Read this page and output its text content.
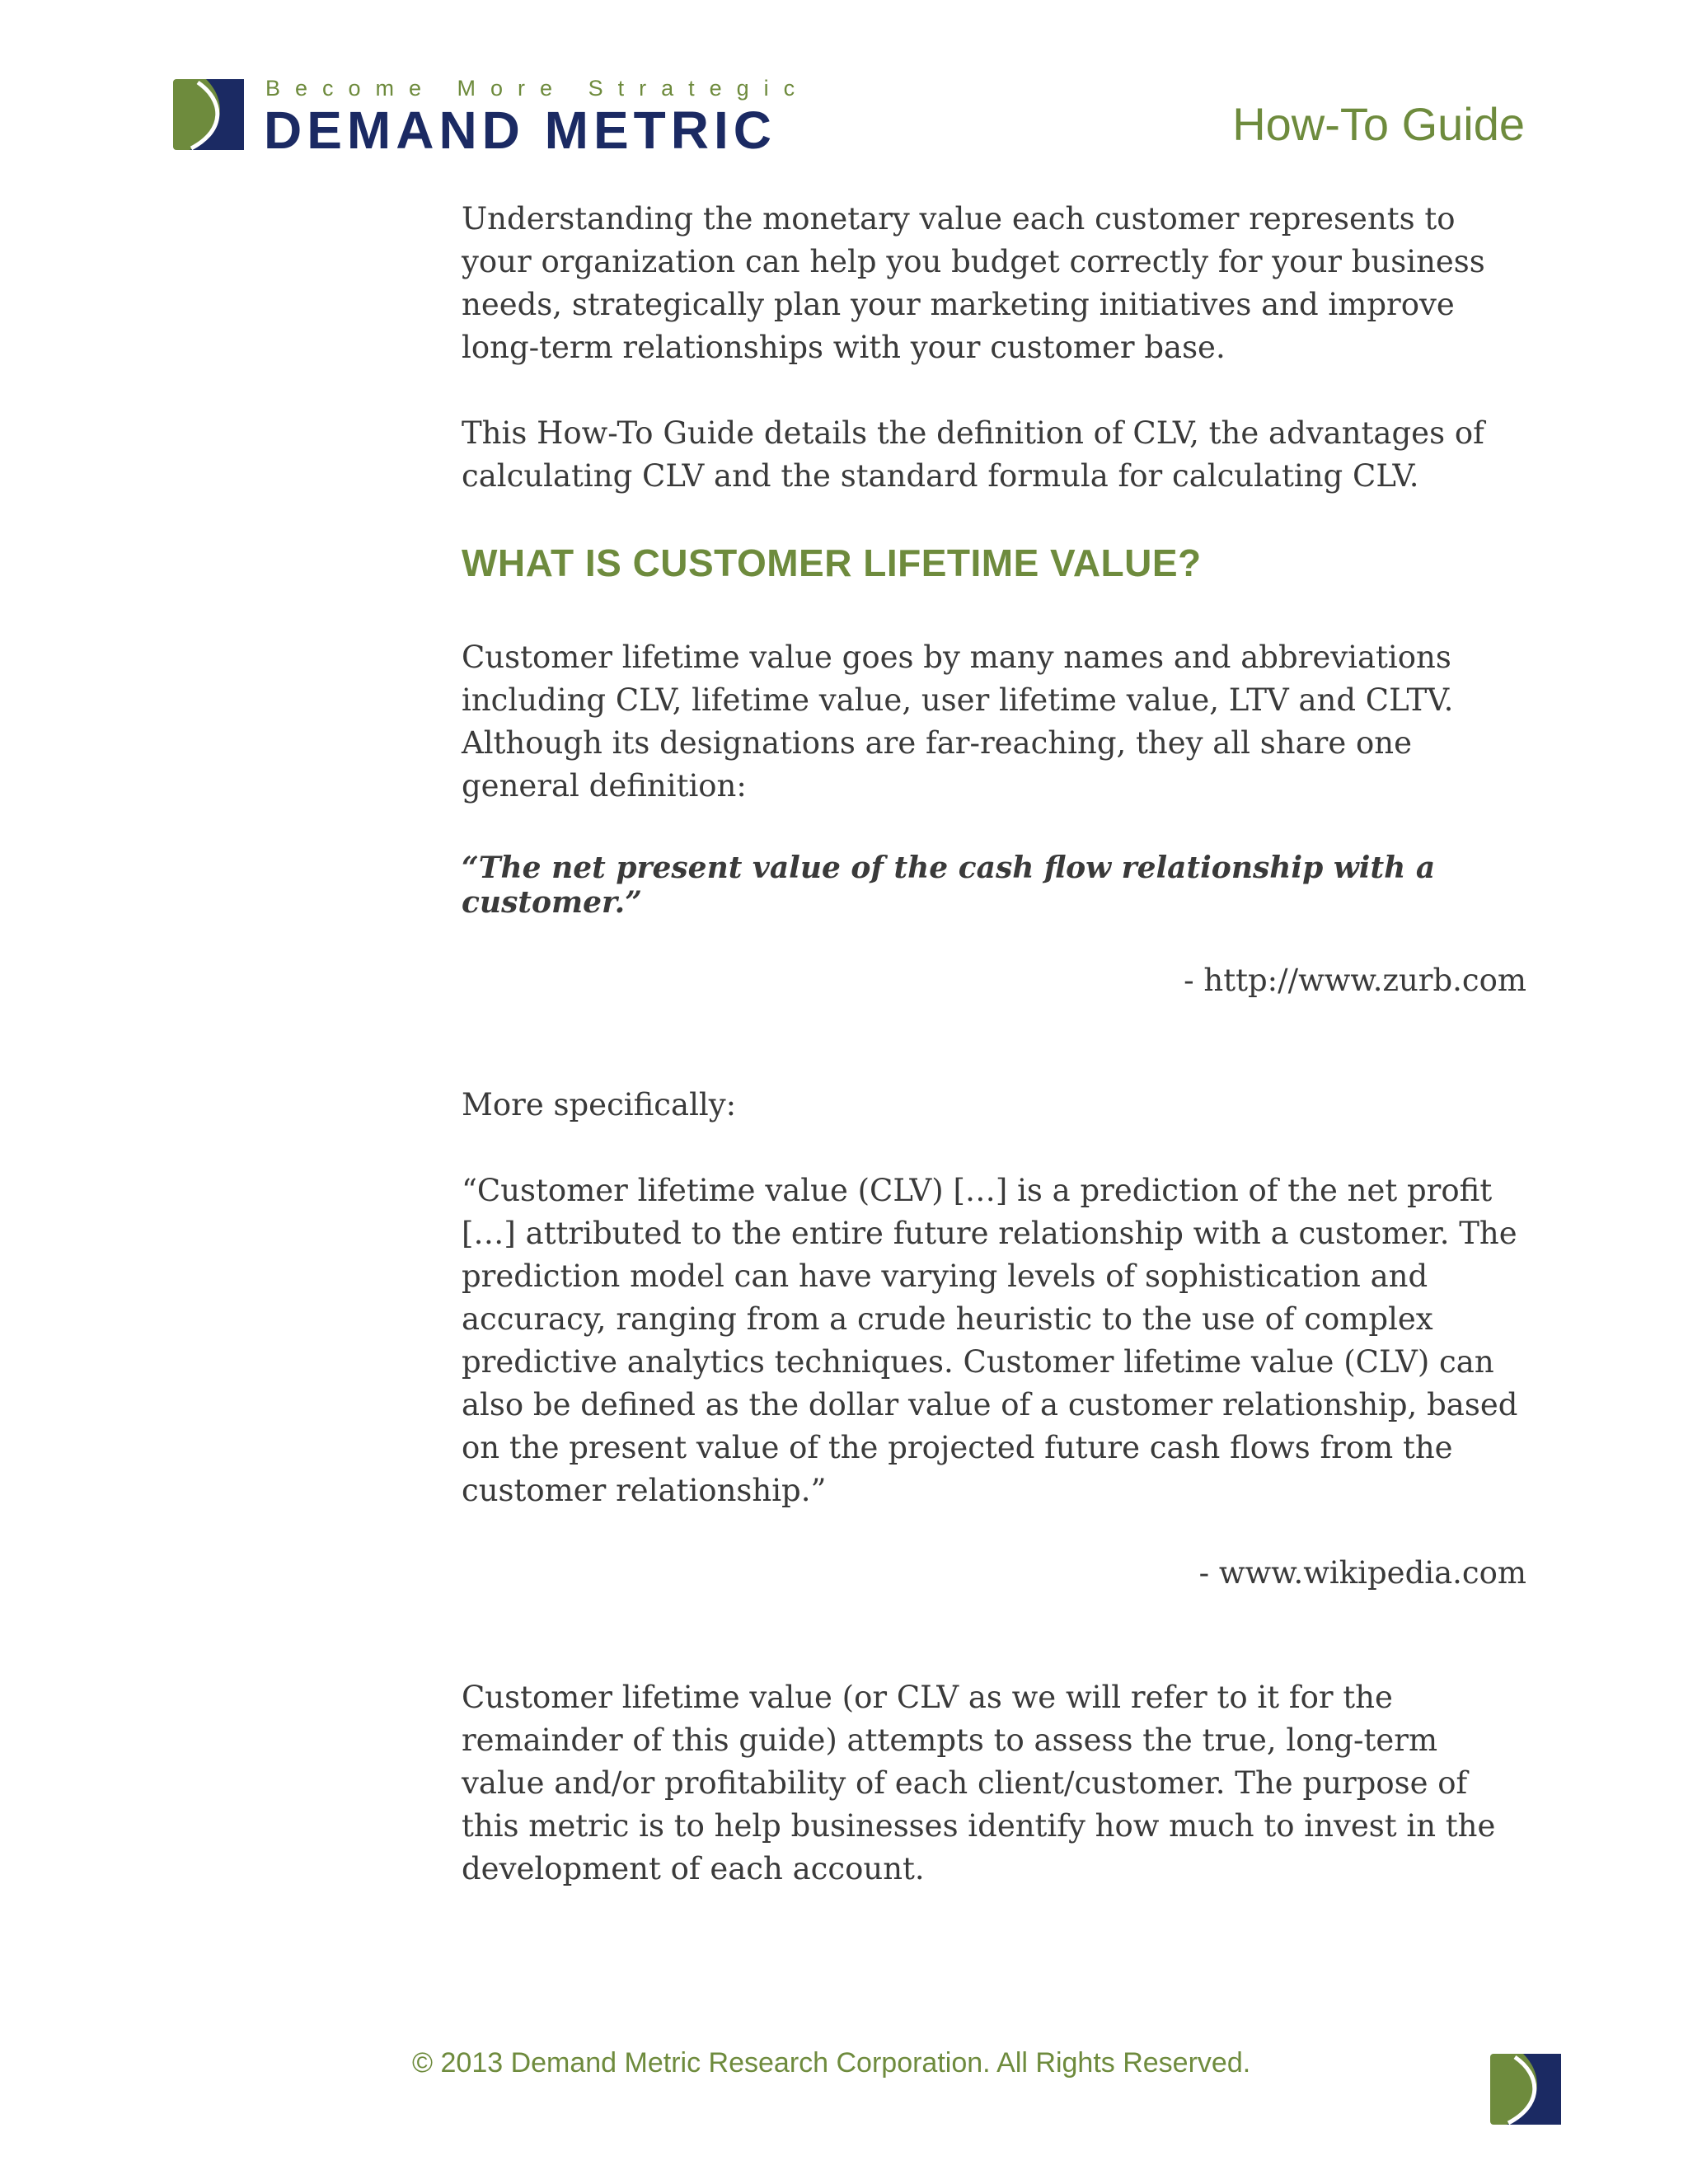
Become More Strategic
DEMAND METRIC	How-To Guide

Understanding the monetary value each customer represents to your organization can help you budget correctly for your business needs, strategically plan your marketing initiatives and improve long-term relationships with your customer base.

This How-To Guide details the definition of CLV, the advantages of calculating CLV and the standard formula for calculating CLV.

WHAT IS CUSTOMER LIFETIME VALUE?

Customer lifetime value goes by many names and abbreviations including CLV, lifetime value, user lifetime value, LTV and CLTV. Although its designations are far-reaching, they all share one general definition:

“The net present value of the cash flow relationship with a customer.”

- http://www.zurb.com

More specifically:

“Customer lifetime value (CLV) […] is a prediction of the net profit […] attributed to the entire future relationship with a customer. The prediction model can have varying levels of sophistication and accuracy, ranging from a crude heuristic to the use of complex predictive analytics techniques. Customer lifetime value (CLV) can also be defined as the dollar value of a customer relationship, based on the present value of the projected future cash flows from the customer relationship.”

- www.wikipedia.com

Customer lifetime value (or CLV as we will refer to it for the remainder of this guide) attempts to assess the true, long-term value and/or profitability of each client/customer. The purpose of this metric is to help businesses identify how much to invest in the development of each account.

© 2013 Demand Metric Research Corporation. All Rights Reserved.
